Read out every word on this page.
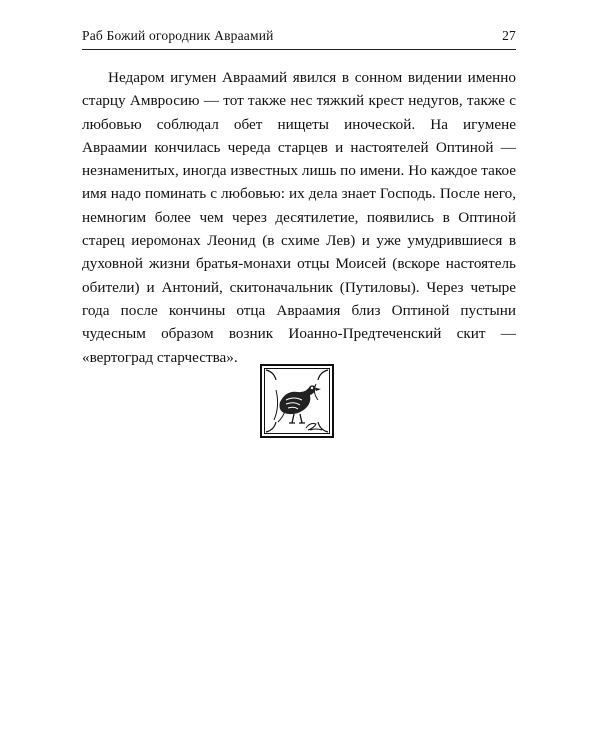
Раб Божий огородник Авраамий	27

Недаром игумен Авраамий явился в сонном видении именно старцу Амвросию — тот также нес тяжкий крест недугов, также с любовью соблюдал обет нищеты иноческой. На игумене Авраамии кончилась череда старцев и настоятелей Оптиной — незнаменитых, иногда известных лишь по имени. Но каждое такое имя надо поминать с любовью: их дела знает Господь. После него, немногим более чем через десятилетие, появились в Оптиной старец иеромонах Леонид (в схиме Лев) и уже умудрившиеся в духовной жизни братья-монахи отцы Моисей (вскоре настоятель обители) и Антоний, скитоначальник (Путиловы). Через четыре года после кончины отца Авраамия близ Оптиной пустыни чудесным образом возник Иоанно-Предтеченский скит — «вертоград старчества».
